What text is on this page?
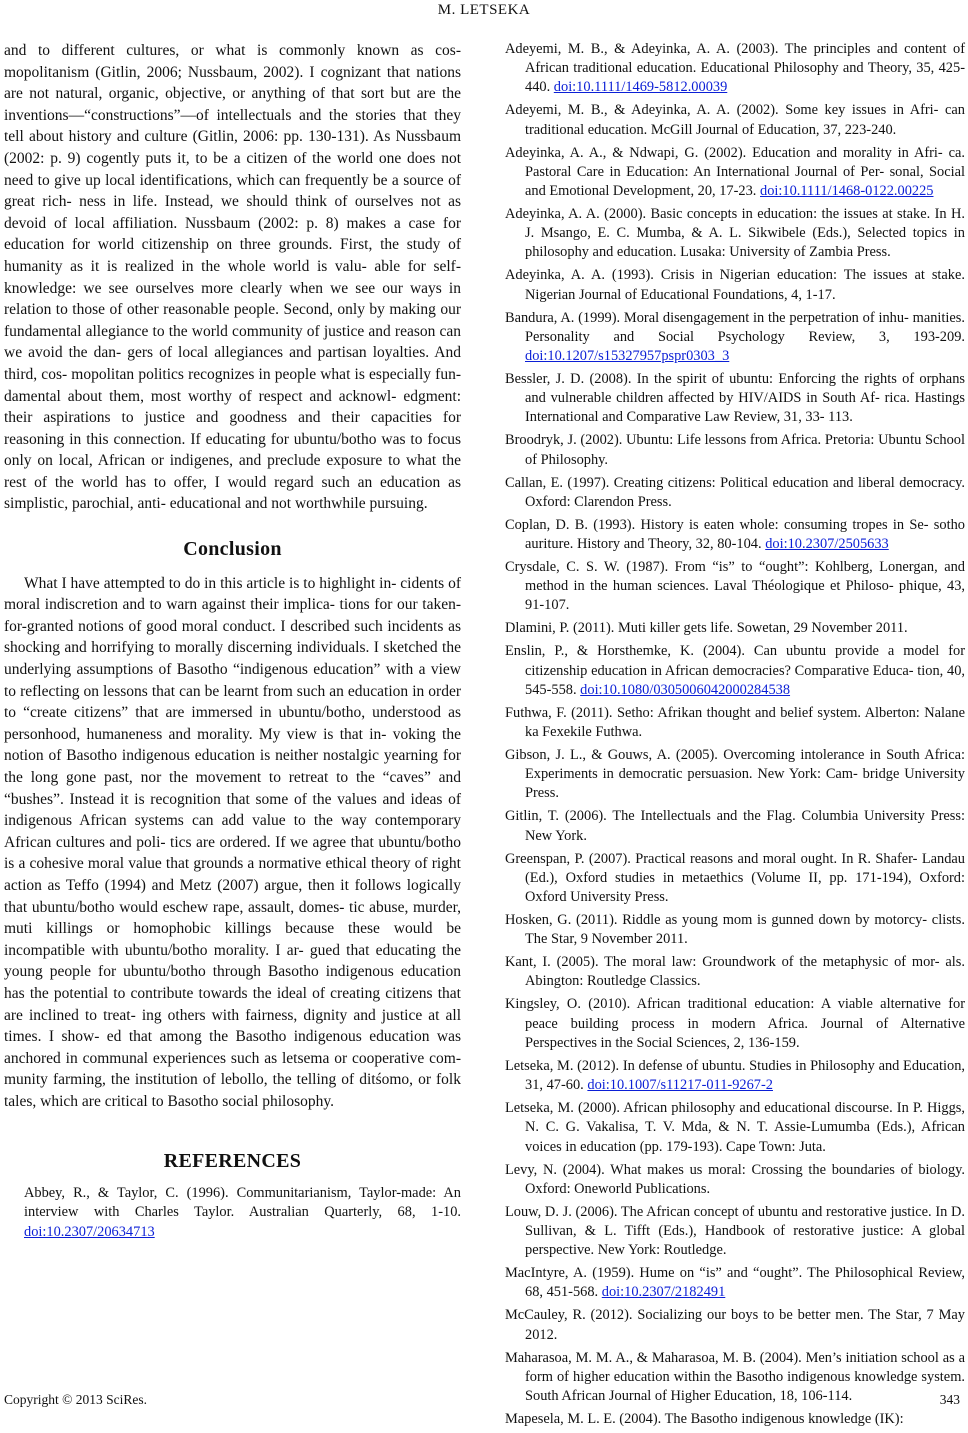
M. LETSEKA

and to different cultures, or what is commonly known as cos- mopolitanism (Gitlin, 2006; Nussbaum, 2002). I cognizant that nations are not natural, organic, objective, or anything of that sort but are the inventions—“constructions”—of intellectuals and the stories that they tell about history and culture (Gitlin, 2006: pp. 130-131). As Nussbaum (2002: p. 9) cogently puts it, to be a citizen of the world one does not need to give up local identifications, which can frequently be a source of great rich- ness in life. Instead, we should think of ourselves not as devoid of local affiliation. Nussbaum (2002: p. 8) makes a case for education for world citizenship on three grounds. First, the study of humanity as it is realized in the whole world is valu- able for self-knowledge: we see ourselves more clearly when we see our ways in relation to those of other reasonable people. Second, only by making our fundamental allegiance to the world community of justice and reason can we avoid the dan- gers of local allegiances and partisan loyalties. And third, cos- mopolitan politics recognizes in people what is especially fun- damental about them, most worthy of respect and acknowl- edgment: their aspirations to justice and goodness and their capacities for reasoning in this connection. If educating for ubuntu/botho was to focus only on local, African or indigenes, and preclude exposure to what the rest of the world has to offer, I would regard such an education as simplistic, parochial, anti- educational and not worthwhile pursuing.

Conclusion

What I have attempted to do in this article is to highlight in- cidents of moral indiscretion and to warn against their implica- tions for our taken-for-granted notions of good moral conduct. I described such incidents as shocking and horrifying to morally discerning individuals. I sketched the underlying assumptions of Basotho “indigenous education” with a view to reflecting on lessons that can be learnt from such an education in order to “create citizens” that are immersed in ubuntu/botho, understood as personhood, humaneness and morality. My view is that in- voking the notion of Basotho indigenous education is neither nostalgic yearning for the long gone past, nor the movement to retreat to the “caves” and “bushes”. Instead it is recognition that some of the values and ideas of indigenous African systems can add value to the way contemporary African cultures and poli- tics are ordered. If we agree that ubuntu/botho is a cohesive moral value that grounds a normative ethical theory of right action as Teffo (1994) and Metz (2007) argue, then it follows logically that ubuntu/botho would eschew rape, assault, domes- tic abuse, murder, muti killings or homophobic killings because these would be incompatible with ubuntu/botho morality. I ar- gued that educating the young people for ubuntu/botho through Basotho indigenous education has the potential to contribute towards the ideal of creating citizens that are inclined to treat- ing others with fairness, dignity and justice at all times. I show- ed that among the Basotho indigenous education was anchored in communal experiences such as letsema or cooperative com- munity farming, the institution of lebollo, the telling of ditśomo, or folk tales, which are critical to Basotho social philosophy.

REFERENCES

Abbey, R., & Taylor, C. (1996). Communitarianism, Taylor-made: An interview with Charles Taylor. Australian Quarterly, 68, 1-10. doi:10.2307/20634713

Adeyemi, M. B., & Adeyinka, A. A. (2003). The principles and content of African traditional education. Educational Philosophy and Theory, 35, 425-440. doi:10.1111/1469-5812.00039

Adeyemi, M. B., & Adeyinka, A. A. (2002). Some key issues in Afri- can traditional education. McGill Journal of Education, 37, 223-240.

Adeyinka, A. A., & Ndwapi, G. (2002). Education and morality in Afri- ca. Pastoral Care in Education: An International Journal of Per- sonal, Social and Emotional Development, 20, 17-23. doi:10.1111/1468-0122.00225

Adeyinka, A. A. (2000). Basic concepts in education: the issues at stake. In H. J. Msango, E. C. Mumba, & A. L. Sikwibele (Eds.), Selected topics in philosophy and education. Lusaka: University of Zambia Press.

Adeyinka, A. A. (1993). Crisis in Nigerian education: The issues at stake. Nigerian Journal of Educational Foundations, 4, 1-17.

Bandura, A. (1999). Moral disengagement in the perpetration of inhu- manities. Personality and Social Psychology Review, 3, 193-209. doi:10.1207/s15327957pspr0303_3

Bessler, J. D. (2008). In the spirit of ubuntu: Enforcing the rights of orphans and vulnerable children affected by HIV/AIDS in South Af- rica. Hastings International and Comparative Law Review, 31, 33- 113.

Broodryk, J. (2002). Ubuntu: Life lessons from Africa. Pretoria: Ubuntu School of Philosophy.

Callan, E. (1997). Creating citizens: Political education and liberal democracy. Oxford: Clarendon Press.

Coplan, D. B. (1993). History is eaten whole: consuming tropes in Se- sotho auriture. History and Theory, 32, 80-104. doi:10.2307/2505633

Crysdale, C. S. W. (1987). From “is” to “ought”: Kohlberg, Lonergan, and method in the human sciences. Laval Théologique et Philoso- phique, 43, 91-107.

Dlamini, P. (2011). Muti killer gets life. Sowetan, 29 November 2011.

Enslin, P., & Horsthemke, K. (2004). Can ubuntu provide a model for citizenship education in African democracies? Comparative Educa- tion, 40, 545-558. doi:10.1080/0305006042000284538

Futhwa, F. (2011). Setho: Afrikan thought and belief system. Alberton: Nalane ka Fexekile Futhwa.

Gibson, J. L., & Gouws, A. (2005). Overcoming intolerance in South Africa: Experiments in democratic persuasion. New York: Cam- bridge University Press.

Gitlin, T. (2006). The Intellectuals and the Flag. Columbia University Press: New York.

Greenspan, P. (2007). Practical reasons and moral ought. In R. Shafer- Landau (Ed.), Oxford studies in metaethics (Volume II, pp. 171-194), Oxford: Oxford University Press.

Hosken, G. (2011). Riddle as young mom is gunned down by motorcy- clists. The Star, 9 November 2011.

Kant, I. (2005). The moral law: Groundwork of the metaphysic of mor- als. Abington: Routledge Classics.

Kingsley, O. (2010). African traditional education: A viable alternative for peace building process in modern Africa. Journal of Alternative Perspectives in the Social Sciences, 2, 136-159.

Letseka, M. (2012). In defense of ubuntu. Studies in Philosophy and Education, 31, 47-60. doi:10.1007/s11217-011-9267-2

Letseka, M. (2000). African philosophy and educational discourse. In P. Higgs, N. C. G. Vakalisa, T. V. Mda, & N. T. Assie-Lumumba (Eds.), African voices in education (pp. 179-193). Cape Town: Juta.

Levy, N. (2004). What makes us moral: Crossing the boundaries of biology. Oxford: Oneworld Publications.

Louw, D. J. (2006). The African concept of ubuntu and restorative justice. In D. Sullivan, & L. Tifft (Eds.), Handbook of restorative justice: A global perspective. New York: Routledge.

MacIntyre, A. (1959). Hume on “is” and “ought”. The Philosophical Review, 68, 451-568. doi:10.2307/2182491

McCauley, R. (2012). Socializing our boys to be better men. The Star, 7 May 2012.

Maharasoa, M. M. A., & Maharasoa, M. B. (2004). Men’s initiation school as a form of higher education within the Basotho indigenous knowledge system. South African Journal of Higher Education, 18, 106-114.

Mapesela, M. L. E. (2004). The Basotho indigenous knowledge (IK):

Copyright © 2013 SciRes.	343
